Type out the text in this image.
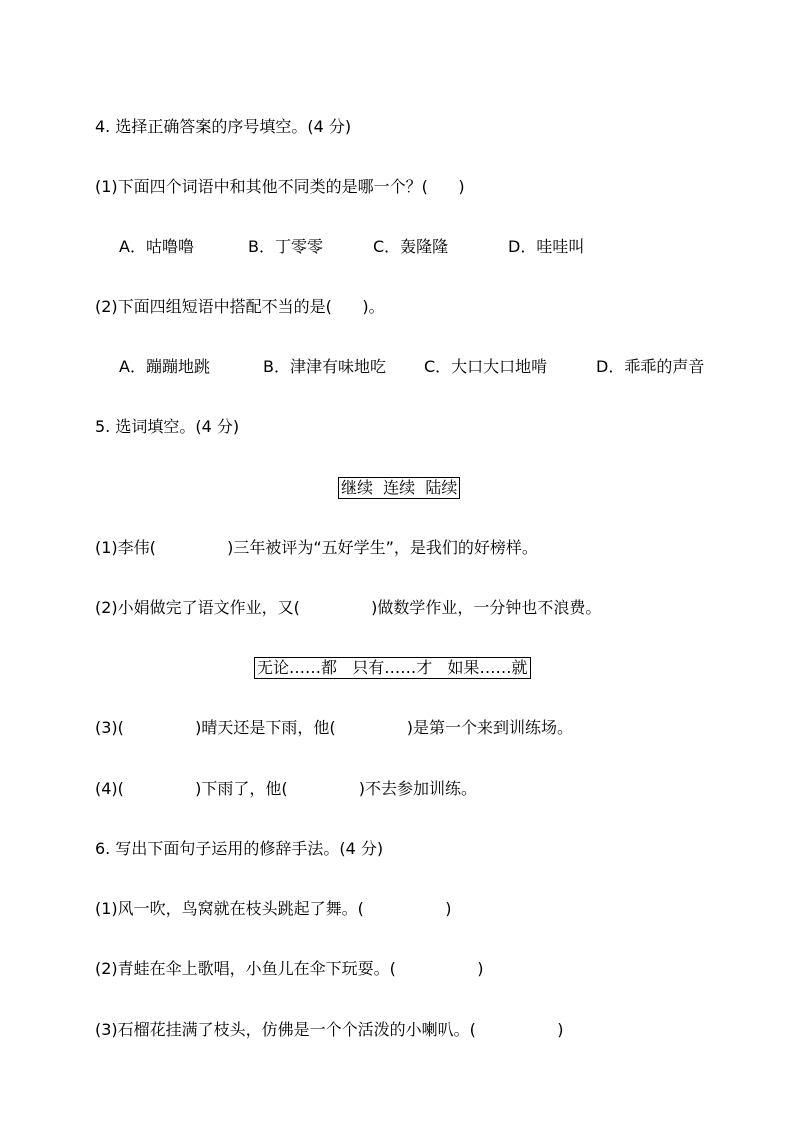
4. 选择正确答案的序号填空。(4 分)
(1)下面四个词语中和其他不同类的是哪一个？(      )
A．咕噜噜	B．丁零零	C．轰隆隆	D．哇哇叫
(2)下面四组短语中搭配不当的是(      )。
A．蹦蹦地跳	B．津津有味地吃 C．大口大口地啃	D．乖乖的声音
5. 选词填空。(4 分)
继续  连续  陆续
(1)李伟(              )三年被评为“五好学生”，是我们的好榜样。
(2)小娟做完了语文作业，又(              )做数学作业，一分钟也不浪费。
无论……都   只有……才   如果……就
(3)(              )晴天还是下雨，他(              )是第一个来到训练场。
(4)(              )下雨了，他(              )不去参加训练。
6. 写出下面句子运用的修辞手法。(4 分)
(1)风一吹，鸟窝就在枝头跳起了舞。(                )
(2)青蛙在伞上歌唱，小鱼儿在伞下玩耍。(                )
(3)石榴花挂满了枝头，仿佛是一个个活泼的小喇叭。(                )
